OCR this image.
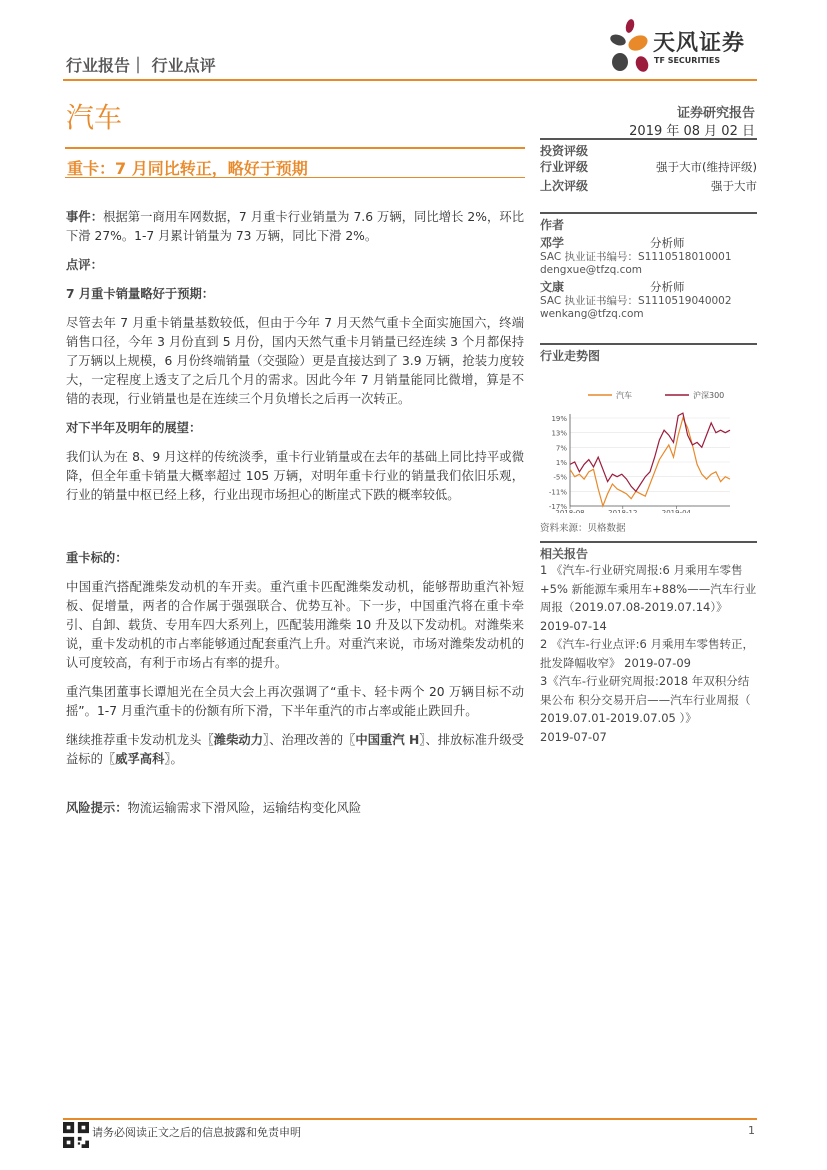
行业报告｜ 行业点评
天风证券
TF SECURITIES
汽车	证券研究报告
2019 年 08 月 02 日
重卡：7 月同比转正，略好于预期

事件：根据第一商用车网数据，7 月重卡行业销量为 7.6 万辆，同比增长 2%，环比下滑 27%。1-7 月累计销量为 73 万辆，同比下滑 2%。

点评：

7 月重卡销量略好于预期：

尽管去年 7 月重卡销量基数较低，但由于今年 7 月天然气重卡全面实施国六，终端销售口径，今年 3 月份直到 5 月份，国内天然气重卡月销量已经连续 3 个月都保持了万辆以上规模，6 月份终端销量（交强险）更是直接达到了 3.9 万辆，抢装力度较大，一定程度上透支了之后几个月的需求。因此今年 7 月销量能同比微增，算是不错的表现，行业销量也是在连续三个月负增长之后再一次转正。

对下半年及明年的展望：

我们认为在 8、9 月这样的传统淡季，重卡行业销量或在去年的基础上同比持平或微降，但全年重卡销量大概率超过 105 万辆，对明年重卡行业的销量我们依旧乐观，行业的销量中枢已经上移，行业出现市场担心的断崖式下跌的概率较低。

重卡标的：

中国重汽搭配潍柴发动机的车开卖。重汽重卡匹配潍柴发动机，能够帮助重汽补短板、促增量，两者的合作属于强强联合、优势互补。下一步，中国重汽将在重卡牵引、自卸、载货、专用车四大系列上，匹配装用潍柴 10 升及以下发动机。对潍柴来说，重卡发动机的市占率能够通过配套重汽上升。对重汽来说，市场对潍柴发动机的认可度较高，有利于市场占有率的提升。

重汽集团董事长谭旭光在全员大会上再次强调了“重卡、轻卡两个 20 万辆目标不动摇”。1-7 月重汽重卡的份额有所下滑，下半年重汽的市占率或能止跌回升。

继续推荐重卡发动机龙头〖潍柴动力〗、治理改善的〖中国重汽 H〗、排放标准升级受益标的〖威孚高科〗。

风险提示：物流运输需求下滑风险，运输结构变化风险

投资评级
行业评级	强于大市(维持评级)
上次评级	强于大市
作者
邓学	分析师
SAC 执业证书编号：S1110518010001
dengxue@tfzq.com
文康	分析师
SAC 执业证书编号：S1110519040002
wenkang@tfzq.com
行业走势图
汽车	沪深300
19%
13%
7%
1%
-5%
-11%
-17%
2018-08	2018-12	2019-04
资料来源：贝格数据
相关报告
1 《汽车-行业研究周报:6 月乘用车零售+5% 新能源车乘用车+88%——汽车行业周报（2019.07.08-2019.07.14）》
2019-07-14
2 《汽车-行业点评:6 月乘用车零售转正，批发降幅收窄》 2019-07-09
3《汽车-行业研究周报:2018 年双积分结果公布 积分交易开启——汽车行业周报（ 2019.07.01-2019.07.05 ）》
2019-07-07
请务必阅读正文之后的信息披露和免责申明	1
